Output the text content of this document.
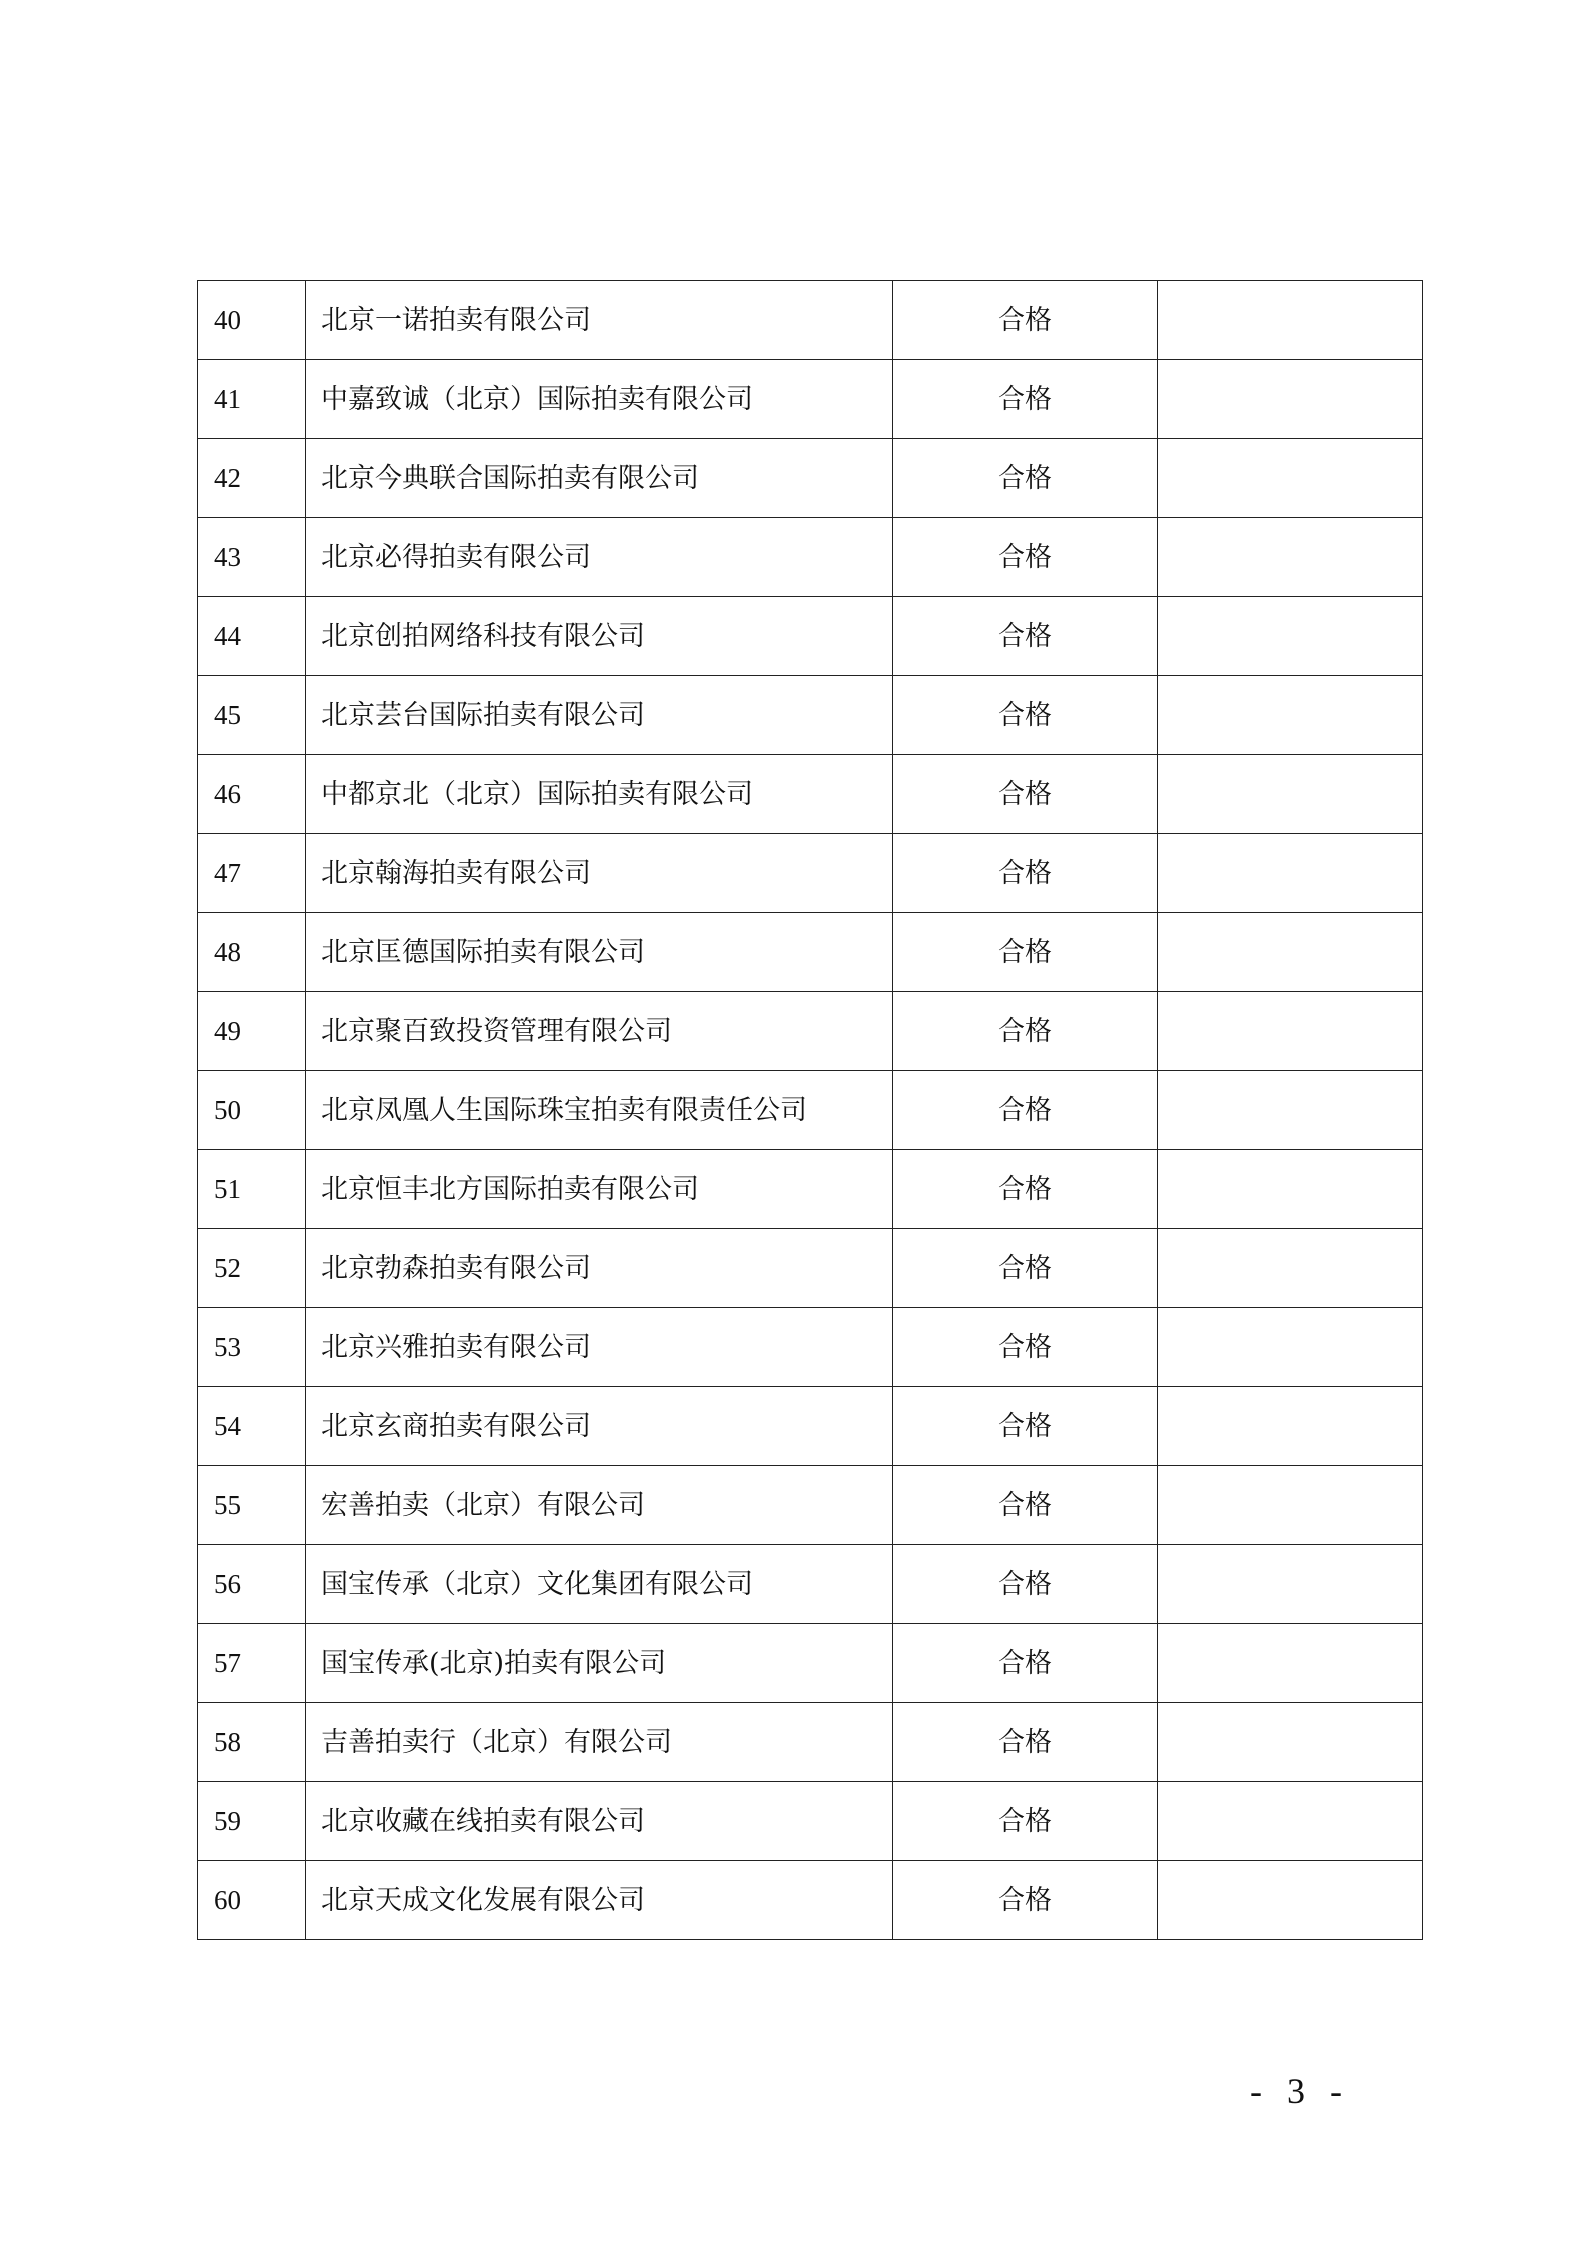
40	北京一诺拍卖有限公司	合格	
41	中嘉致诚（北京）国际拍卖有限公司	合格	
42	北京今典联合国际拍卖有限公司	合格	
43	北京必得拍卖有限公司	合格	
44	北京创拍网络科技有限公司	合格	
45	北京芸台国际拍卖有限公司	合格	
46	中都京北（北京）国际拍卖有限公司	合格	
47	北京翰海拍卖有限公司	合格	
48	北京匡德国际拍卖有限公司	合格	
49	北京聚百致投资管理有限公司	合格	
50	北京凤凰人生国际珠宝拍卖有限责任公司	合格	
51	北京恒丰北方国际拍卖有限公司	合格	
52	北京勃森拍卖有限公司	合格	
53	北京兴雅拍卖有限公司	合格	
54	北京玄商拍卖有限公司	合格	
55	宏善拍卖（北京）有限公司	合格	
56	国宝传承（北京）文化集团有限公司	合格	
57	国宝传承(北京)拍卖有限公司	合格	
58	吉善拍卖行（北京）有限公司	合格	
59	北京收藏在线拍卖有限公司	合格	
60	北京天成文化发展有限公司	合格	
- 3 -
